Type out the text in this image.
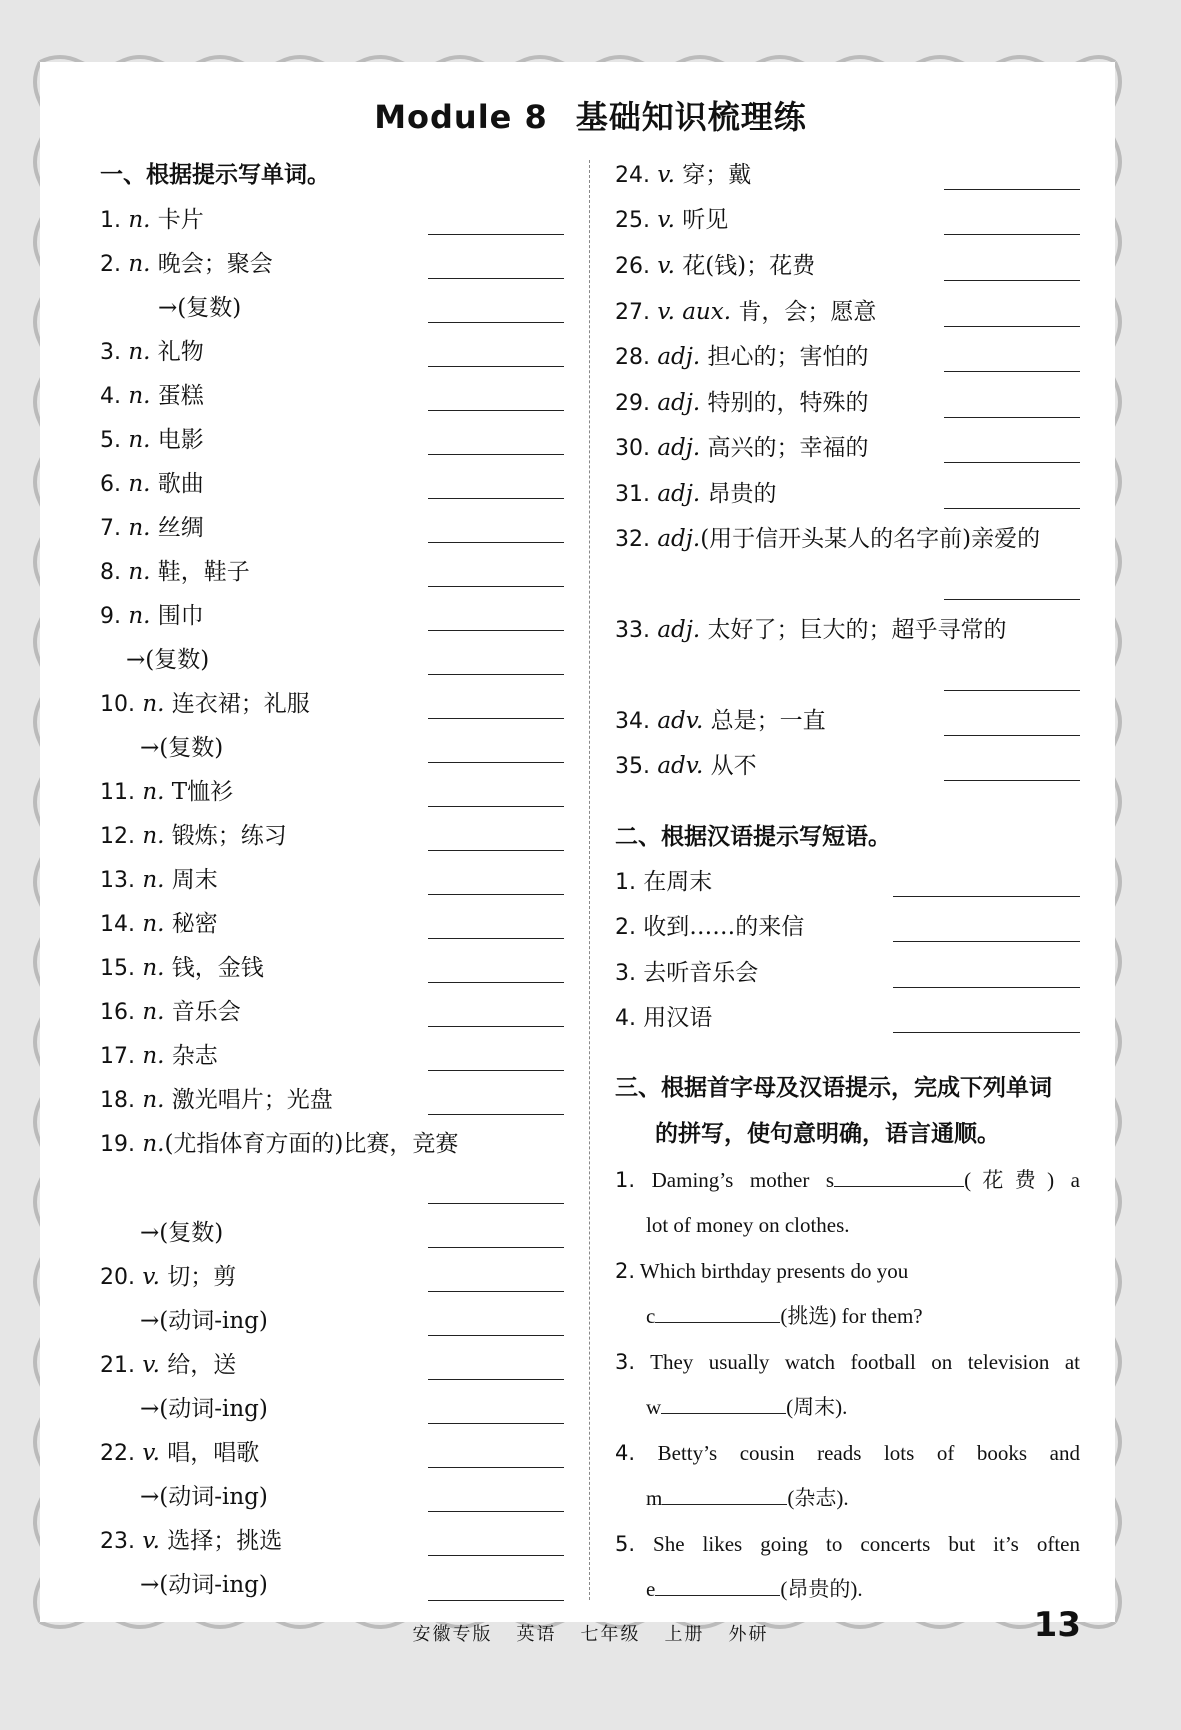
Module 8 基础知识梳理练
一、根据提示写单词。
1. n. 卡片
2. n. 晚会；聚会
→(复数)
3. n. 礼物
4. n. 蛋糕
5. n. 电影
6. n. 歌曲
7. n. 丝绸
8. n. 鞋，鞋子
9. n. 围巾
→(复数)
10. n. 连衣裙；礼服
→(复数)
11. n. T恤衫
12. n. 锻炼；练习
13. n. 周末
14. n. 秘密
15. n. 钱，金钱
16. n. 音乐会
17. n. 杂志
18. n. 激光唱片；光盘
19. n.(尤指体育方面的)比赛，竞赛
→(复数)
20. v. 切；剪
→(动词-ing)
21. v. 给，送
→(动词-ing)
22. v. 唱，唱歌
→(动词-ing)
23. v. 选择；挑选
→(动词-ing)
24. v. 穿；戴
25. v. 听见
26. v. 花(钱)；花费
27. v. aux. 肯，会；愿意
28. adj. 担心的；害怕的
29. adj. 特别的，特殊的
30. adj. 高兴的；幸福的
31. adj. 昂贵的
32. adj.(用于信开头某人的名字前)亲爱的
33. adj. 太好了；巨大的；超乎寻常的
34. adv. 总是；一直
35. adv. 从不
二、根据汉语提示写短语。
1. 在周末
2. 收到……的来信
3. 去听音乐会
4. 用汉语
三、根据首字母及汉语提示，完成下列单词
的拼写，使句意明确，语言通顺。
1. Daming’s mother s	(花费) a
lot of money on clothes.
2. Which birthday presents do you
c	(挑选) for them?
3. They usually watch football on television at
w	(周末).
4. Betty’s cousin reads lots of books and
m	(杂志).
5. She likes going to concerts but it’s often
e	(昂贵的).
安徽专版 英语 七年级 上册 外研	13
